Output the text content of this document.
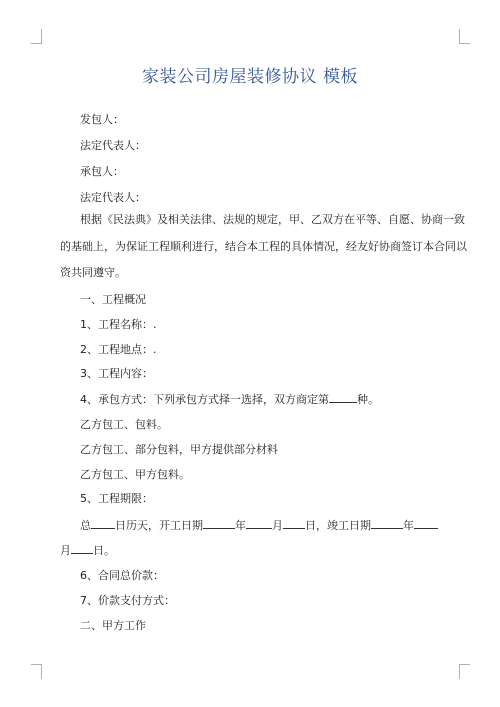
家装公司房屋装修协议 模板
发包人：
法定代表人：
承包人：
法定代表人：
根据《民法典》及相关法律、法规的规定，甲、乙双方在平等、自愿、协商一致
的基础上，为保证工程顺利进行，结合本工程的具体情况，经友好协商签订本合同以
资共同遵守。
一、工程概况
1、工程名称：.
2、工程地点：.
3、工程内容：
4、承包方式：下列承包方式择一选择，双方商定第	种。
乙方包工、包料。
乙方包工、部分包料，甲方提供部分材料
乙方包工、甲方包料。
5、工程期限：
总 日历天，开工日期	年 月 日，竣工日期	年
月 日。
6、合同总价款：
7、价款支付方式：
二、甲方工作
